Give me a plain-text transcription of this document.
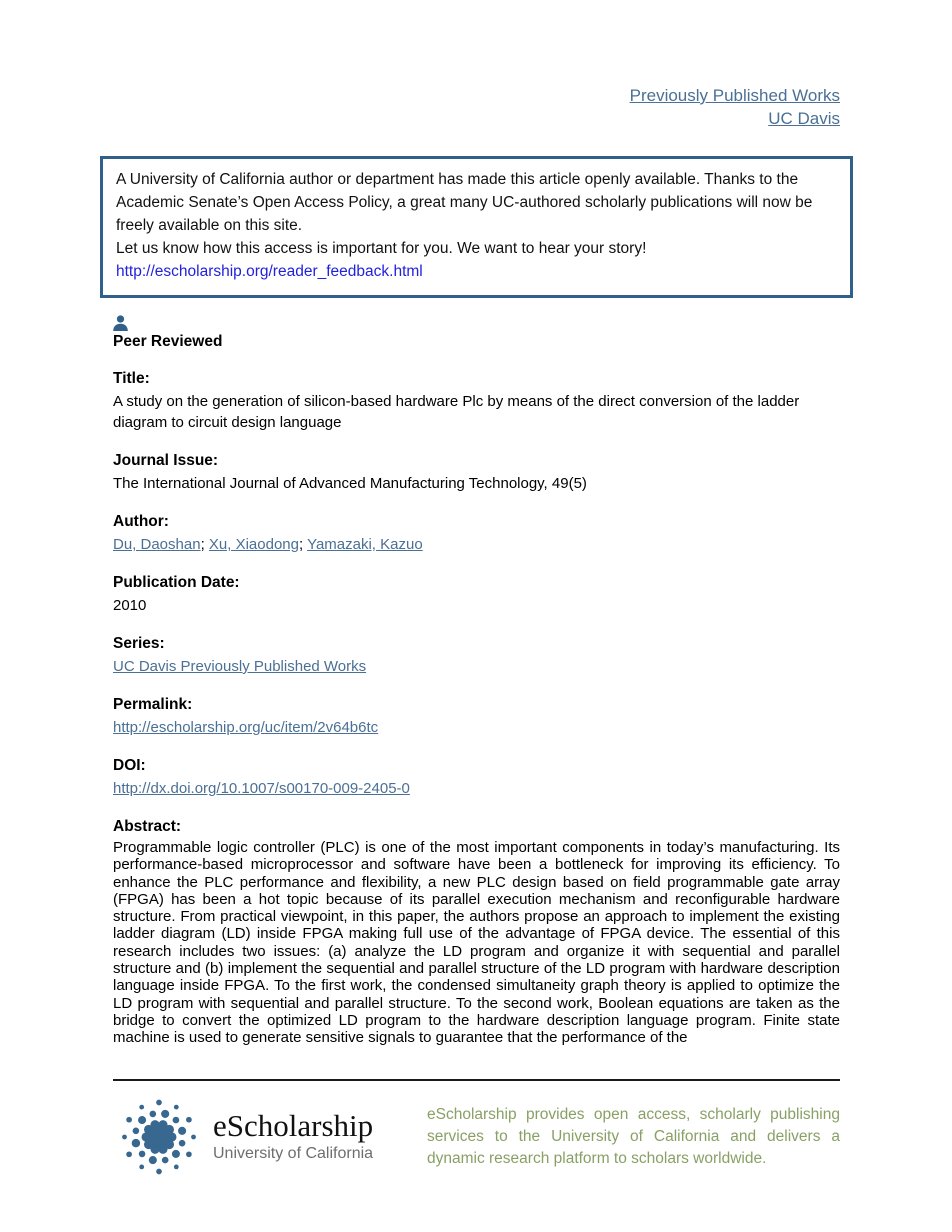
Previously Published Works
UC Davis
A University of California author or department has made this article openly available. Thanks to the Academic Senate’s Open Access Policy, a great many UC-authored scholarly publications will now be freely available on this site.
Let us know how this access is important for you. We want to hear your story!
http://escholarship.org/reader_feedback.html
Peer Reviewed
Title:
A study on the generation of silicon-based hardware Plc by means of the direct conversion of the ladder diagram to circuit design language
Journal Issue:
The International Journal of Advanced Manufacturing Technology, 49(5)
Author:
Du, Daoshan; Xu, Xiaodong; Yamazaki, Kazuo
Publication Date:
2010
Series:
UC Davis Previously Published Works
Permalink:
http://escholarship.org/uc/item/2v64b6tc
DOI:
http://dx.doi.org/10.1007/s00170-009-2405-0
Abstract:
Programmable logic controller (PLC) is one of the most important components in today’s manufacturing. Its performance-based microprocessor and software have been a bottleneck for improving its efficiency. To enhance the PLC performance and flexibility, a new PLC design based on field programmable gate array (FPGA) has been a hot topic because of its parallel execution mechanism and reconfigurable hardware structure. From practical viewpoint, in this paper, the authors propose an approach to implement the existing ladder diagram (LD) inside FPGA making full use of the advantage of FPGA device. The essential of this research includes two issues: (a) analyze the LD program and organize it with sequential and parallel structure and (b) implement the sequential and parallel structure of the LD program with hardware description language inside FPGA. To the first work, the condensed simultaneity graph theory is applied to optimize the LD program with sequential and parallel structure. To the second work, Boolean equations are taken as the bridge to convert the optimized LD program to the hardware description language program. Finite state machine is used to generate sensitive signals to guarantee that the performance of the
eScholarship
University of California
eScholarship provides open access, scholarly publishing services to the University of California and delivers a dynamic research platform to scholars worldwide.
